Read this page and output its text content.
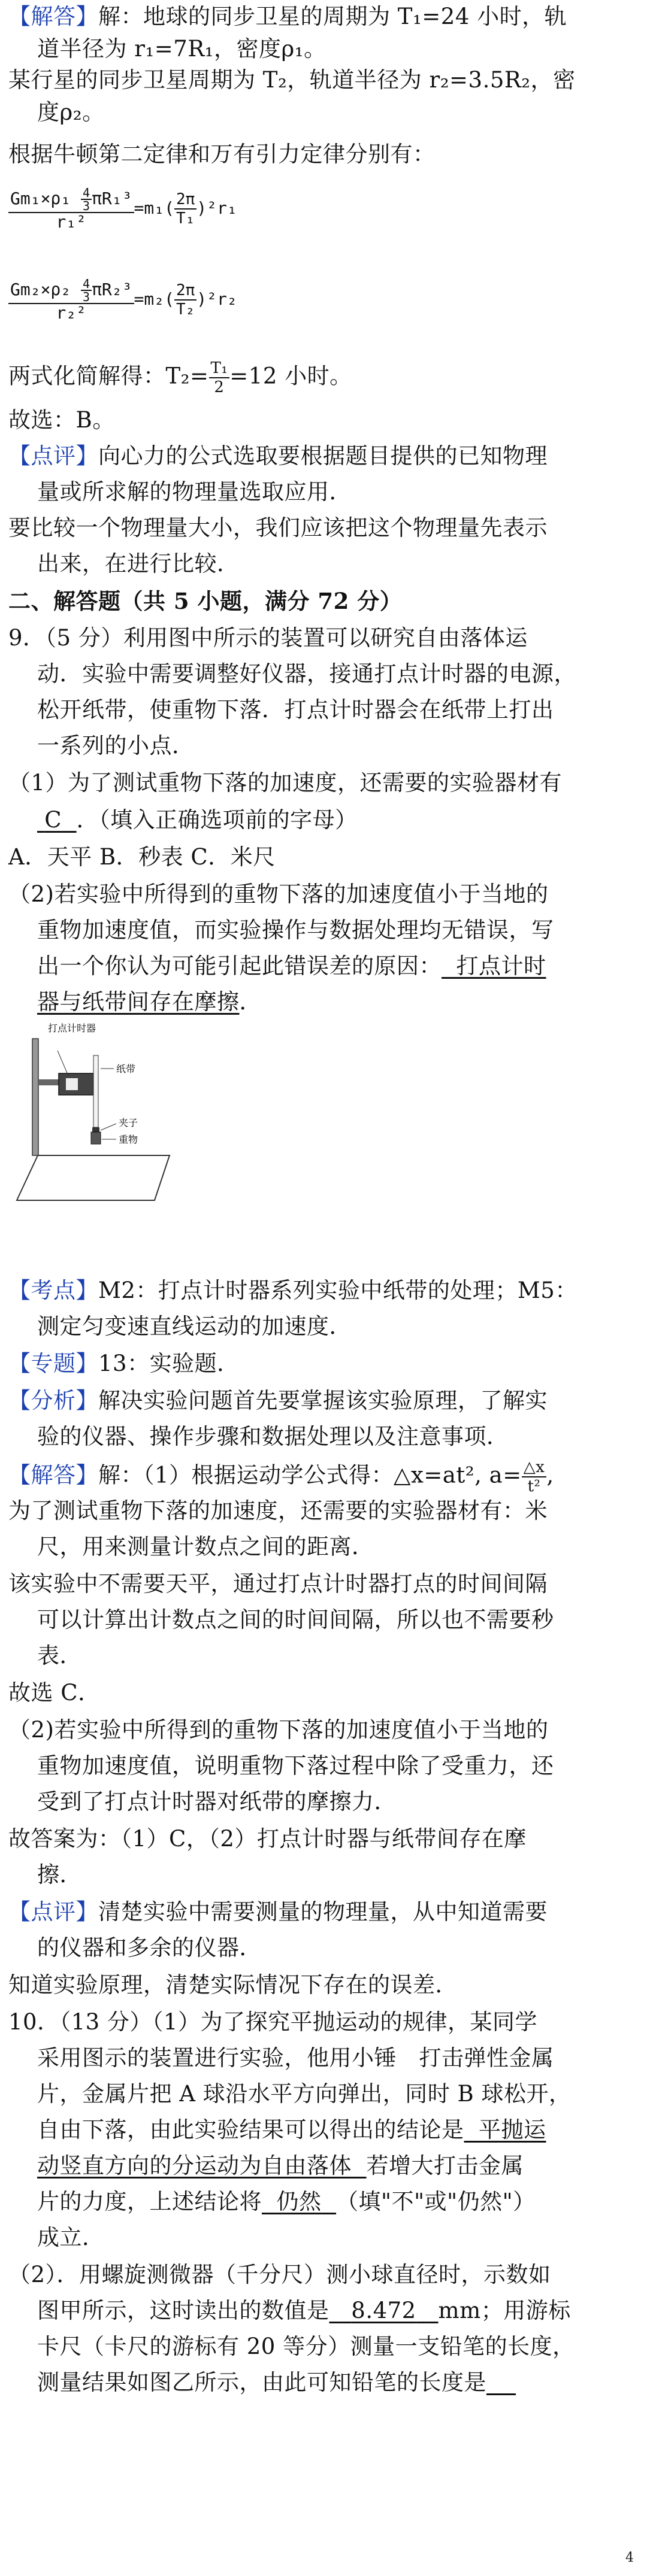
【解答】解：地球的同步卫星的周期为 T₁=24 小时，轨
道半径为 r₁=7R₁，密度ρ₁。
某行星的同步卫星周期为 T₂，轨道半径为 r₂=3.5R₂，密
度ρ₂。
根据牛顿第二定律和万有引力定律分别有：
$\frac{Gm_1\times\rho_1 \frac{4}{3} \pi R_1^3}{\text{r₁²}} =m_1( \frac{2\pi}{\text{T₁}} )^2r_1$
$\frac{Gm_2\times\rho_2 \frac{4}{3} \pi R_2^3}{\text{r₂²}} =m_2( \frac{2\pi}{\text{T₂}} )^2r_2$
两式化简解得：$T_2= \frac{\text{T₁}}{2} =12$ 小时。
故选：B。
【点评】向心力的公式选取要根据题目提供的已知物理
量或所求解的物理量选取应用．
要比较一个物理量大小，我们应该把这个物理量先表示
出来，在进行比较．
二、解答题（共 5 小题，满分 72 分）
9．（5 分）利用图中所示的装置可以研究自由落体运
动．实验中需要调整好仪器，接通打点计时器的电源，
松开纸带，使重物下落．打点计时器会在纸带上打出
一系列的小点．
（1）为了测试重物下落的加速度，还需要的实验器材有
C ．（填入正确选项前的字母）
A．天平 B．秒表 C．米尺
（2)若实验中所得到的重物下落的加速度值小于当地的
重物加速度值，而实验操作与数据处理均无错误，写
出一个你认为可能引起此错误差的原因： 打点计时
器与纸带间存在摩擦．
打点计时器
纸带
夹子
重物
【考点】M2：打点计时器系列实验中纸带的处理；M5：
测定匀变速直线运动的加速度．
【专题】13：实验题．
【分析】解决实验问题首先要掌握该实验原理，了解实
验的仪器、操作步骤和数据处理以及注意事项．
【解答】解：（1）根据运动学公式得：△x=at², $a= \frac{\triangle x}{\text{t²}}$ ,
为了测试重物下落的加速度，还需要的实验器材有：米
尺，用来测量计数点之间的距离．
该实验中不需要天平，通过打点计时器打点的时间间隔
可以计算出计数点之间的时间间隔，所以也不需要秒
表．
故选 C．
（2)若实验中所得到的重物下落的加速度值小于当地的
重物加速度值，说明重物下落过程中除了受重力，还
受到了打点计时器对纸带的摩擦力．
故答案为：（1）C，（2）打点计时器与纸带间存在摩
擦．
【点评】清楚实验中需要测量的物理量，从中知道需要
的仪器和多余的仪器．
知道实验原理，清楚实际情况下存在的误差．
10．（13 分）（1）为了探究平抛运动的规律，某同学
采用图示的装置进行实验，他用小锤　打击弹性金属
片，金属片把 A 球沿水平方向弹出，同时 B 球松开，
自由下落，由此实验结果可以得出的结论是 平抛运
动竖直方向的分运动为自由落体 若增大打击金属
片的力度，上述结论将 仍然 （填"不"或"仍然"）
成立．
（2）．用螺旋测微器（千分尺）测小球直径时，示数如
图甲所示，这时读出的数值是 8.472 mm；用游标
卡尺（卡尺的游标有 20 等分）测量一支铅笔的长度，
测量结果如图乙所示，由此可知铅笔的长度是
4
